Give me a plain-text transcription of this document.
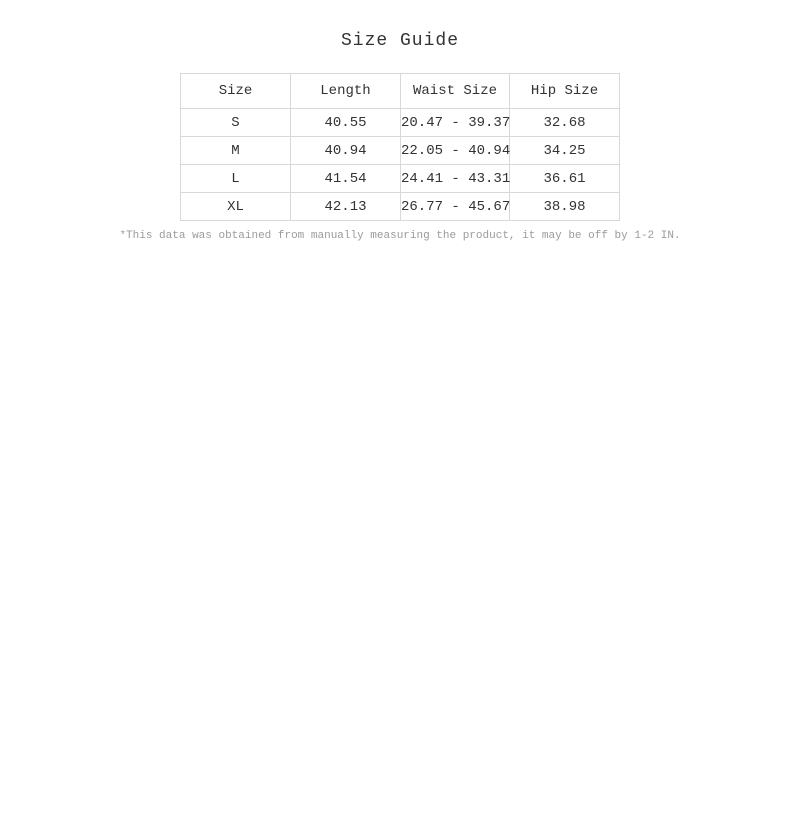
Size Guide
Size	Length	Waist Size	Hip Size
S	40.55	20.47 - 39.37	32.68
M	40.94	22.05 - 40.94	34.25
L	41.54	24.41 - 43.31	36.61
XL	42.13	26.77 - 45.67	38.98

*This data was obtained from manually measuring the product, it may be off by 1-2 IN.
